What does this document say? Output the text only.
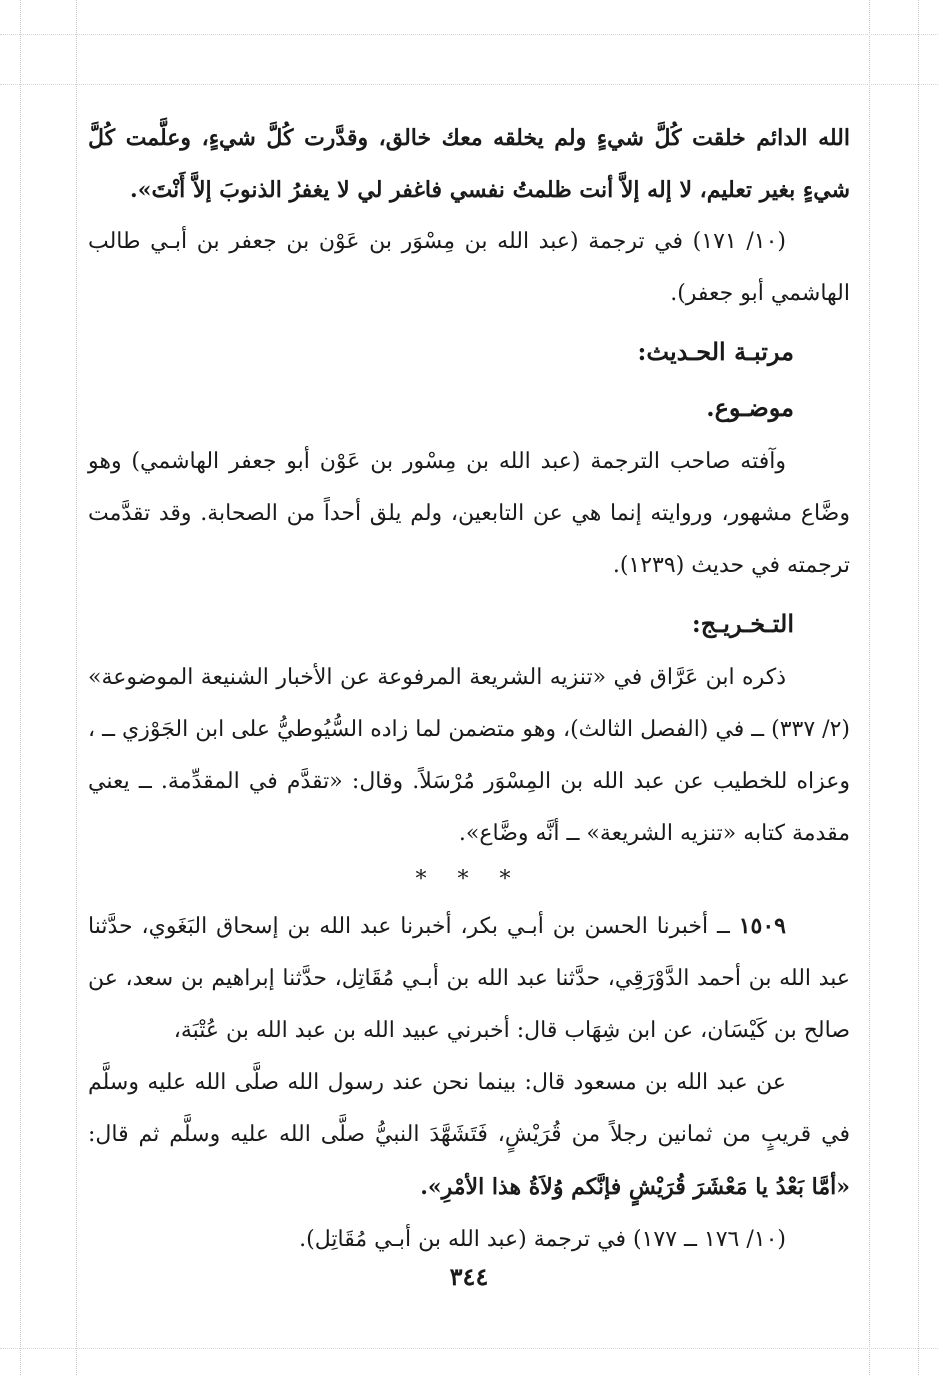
الله الدائم خلقت كُلَّ شيءٍ ولم يخلقه معك خالق، وقدَّرت كُلَّ شيءٍ، وعلَّمت كُلَّ شيءٍ بغير تعليم، لا إله إلاَّ أنت ظلمتُ نفسي فاغفر لي لا يغفرُ الذنوبَ إلاَّ أَنْتَ».

(١٠/ ١٧١) في ترجمة (عبد الله بن مِسْوَر بن عَوْن بن جعفر بن أبـي طالب الهاشمي أبو جعفر).

مرتبـة الحـديث:

موضـوع.

وآفته صاحب الترجمة (عبد الله بن مِسْور بن عَوْن أبو جعفر الهاشمي) وهو وضَّاع مشهور، وروايته إنما هي عن التابعين، ولم يلق أحداً من الصحابة. وقد تقدَّمت ترجمته في حديث (١٢٣٩).

التـخـريـج:

ذكره ابن عَرَّاق في «تنزيه الشريعة المرفوعة عن الأخبار الشنيعة الموضوعة» (٢/ ٣٣٧) ــ في (الفصل الثالث)، وهو متضمن لما زاده السُّيُوطيُّ على ابن الجَوْزي ــ ، وعزاه للخطيب عن عبد الله بن المِسْوَر مُرْسَلاً. وقال: «تقدَّم في المقدِّمة. ــ يعني مقدمة كتابه «تنزيه الشريعة» ــ أنَّه وضَّاع».

* * *

١٥٠٩ ــ أخبرنا الحسن بن أبـي بكر، أخبرنا عبد الله بن إسحاق البَغَوي، حدَّثنا عبد الله بن أحمد الدَّوْرَقِي، حدَّثنا عبد الله بن أبـي مُقَاتِل، حدَّثنا إبراهيم بن سعد، عن صالح بن كَيْسَان، عن ابن شِهَاب قال: أخبرني عبيد الله بن عبد الله بن عُتْبَة،

عن عبد الله بن مسعود قال: بينما نحن عند رسول الله صلَّى الله عليه وسلَّم في قريبٍ من ثمانين رجلاً من قُرَيْشٍ، فَتَشَهَّدَ النبيُّ صلَّى الله عليه وسلَّم ثم قال: «أمَّا بَعْدُ يا مَعْشَرَ قُرَيْشٍ فإنَّكم وُلاَةُ هذا الأمْرِ».

(١٠/ ١٧٦ ــ ١٧٧) في ترجمة (عبد الله بن أبـي مُقَاتِل).

٣٤٤
